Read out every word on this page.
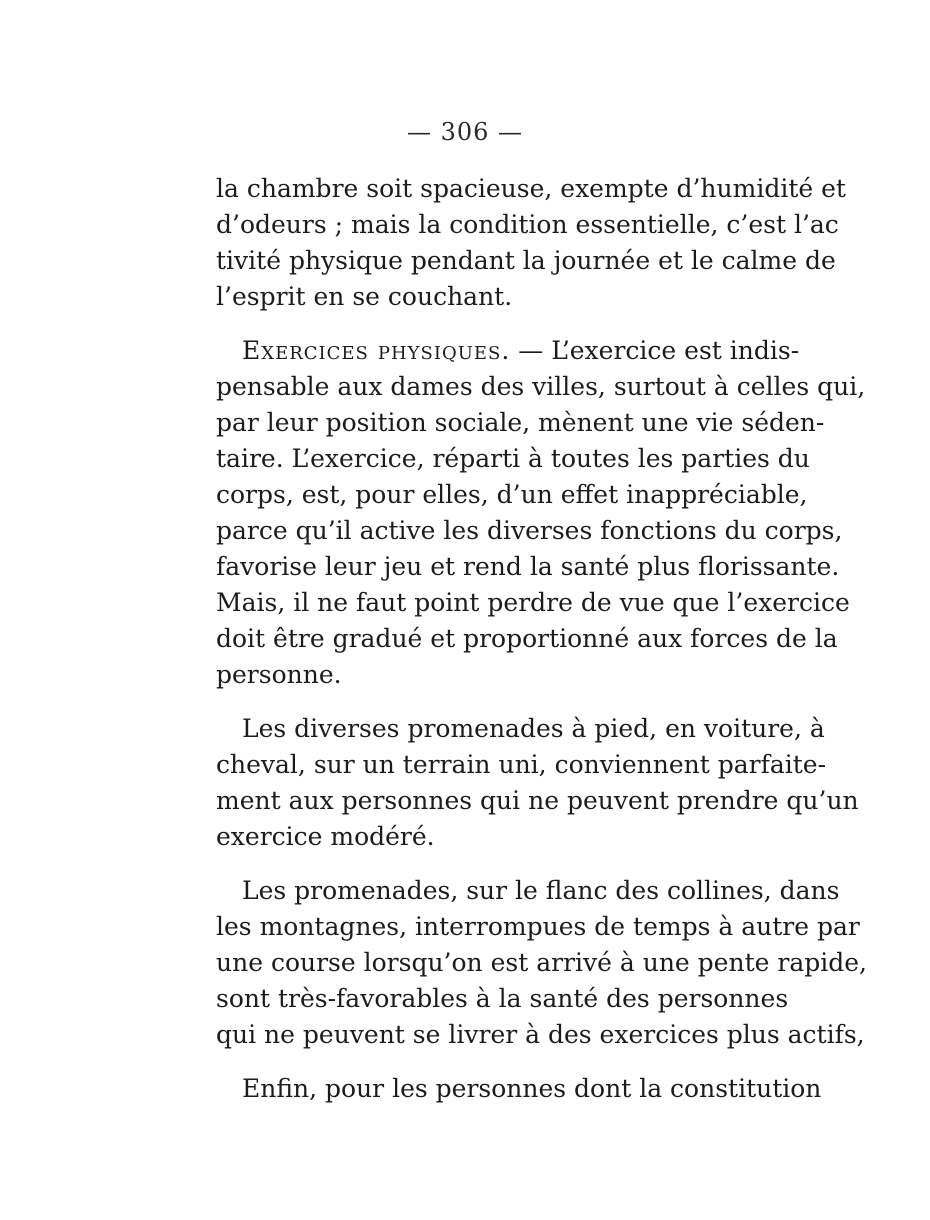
— 306 —
la chambre soit spacieuse, exempte d’humidité et
d’odeurs ; mais la condition essentielle, c’est l’ac
tivité physique pendant la journée et le calme de
l’esprit en se couchant.
Exercices physiques. — L’exercice est indis-
pensable aux dames des villes, surtout à celles qui,
par leur position sociale, mènent une vie séden-
taire. L’exercice, réparti à toutes les parties du
corps, est, pour elles, d’un effet inappréciable,
parce qu’il active les diverses fonctions du corps,
favorise leur jeu et rend la santé plus florissante.
Mais, il ne faut point perdre de vue que l’exercice
doit être gradué et proportionné aux forces de la
personne.
Les diverses promenades à pied, en voiture, à
cheval, sur un terrain uni, conviennent parfaite-
ment aux personnes qui ne peuvent prendre qu’un
exercice modéré.
Les promenades, sur le flanc des collines, dans
les montagnes, interrompues de temps à autre par
une course lorsqu’on est arrivé à une pente rapide,
sont très-favorables à la santé des personnes
qui ne peuvent se livrer à des exercices plus actifs,
Enfin, pour les personnes dont la constitution
